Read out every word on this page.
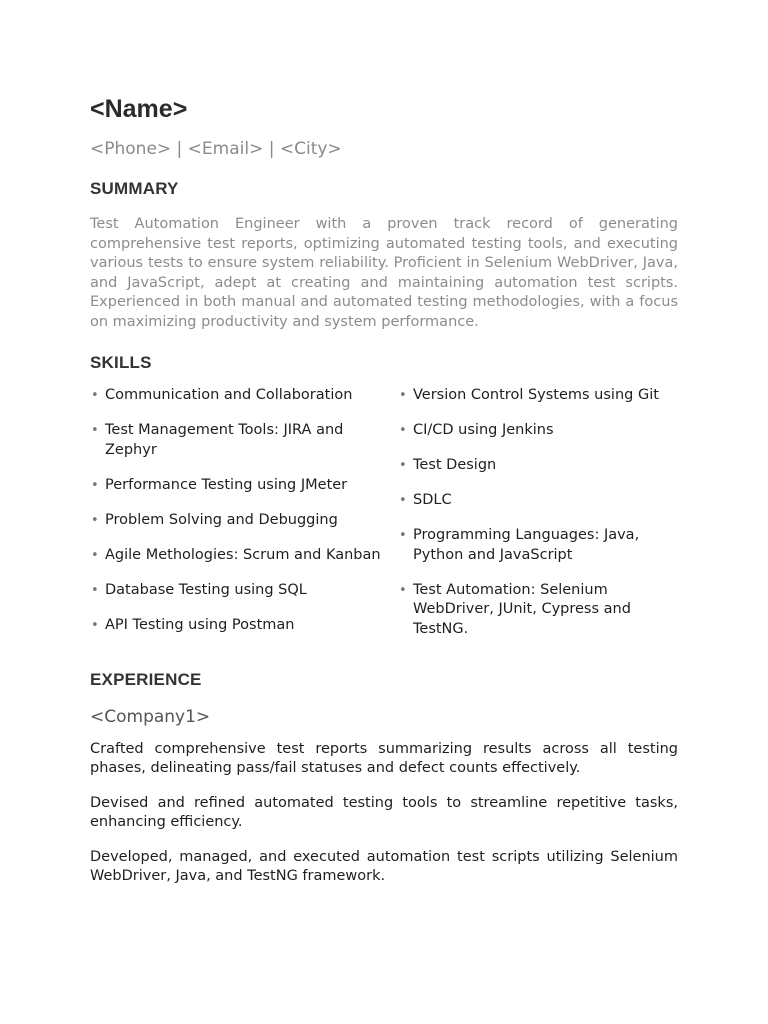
<Name>
<Phone> | <Email> | <City>
SUMMARY

Test Automation Engineer with a proven track record of generating comprehensive test reports, optimizing automated testing tools, and executing various tests to ensure system reliability. Proficient in Selenium WebDriver, Java, and JavaScript, adept at creating and maintaining automation test scripts. Experienced in both manual and automated testing methodologies, with a focus on maximizing productivity and system performance.

SKILLS
• Communication and Collaboration
• Test Management Tools: JIRA and Zephyr
• Performance Testing using JMeter
• Problem Solving and Debugging
• Agile Methologies: Scrum and Kanban
• Database Testing using SQL
• API Testing using Postman
• Version Control Systems using Git
• CI/CD using Jenkins
• Test Design
• SDLC
• Programming Languages: Java, Python and JavaScript
• Test Automation: Selenium WebDriver, JUnit, Cypress and TestNG.
EXPERIENCE
<Company1>

Crafted comprehensive test reports summarizing results across all testing phases, delineating pass/fail statuses and defect counts effectively.

Devised and refined automated testing tools to streamline repetitive tasks, enhancing efficiency.

Developed, managed, and executed automation test scripts utilizing Selenium WebDriver, Java, and TestNG framework.
